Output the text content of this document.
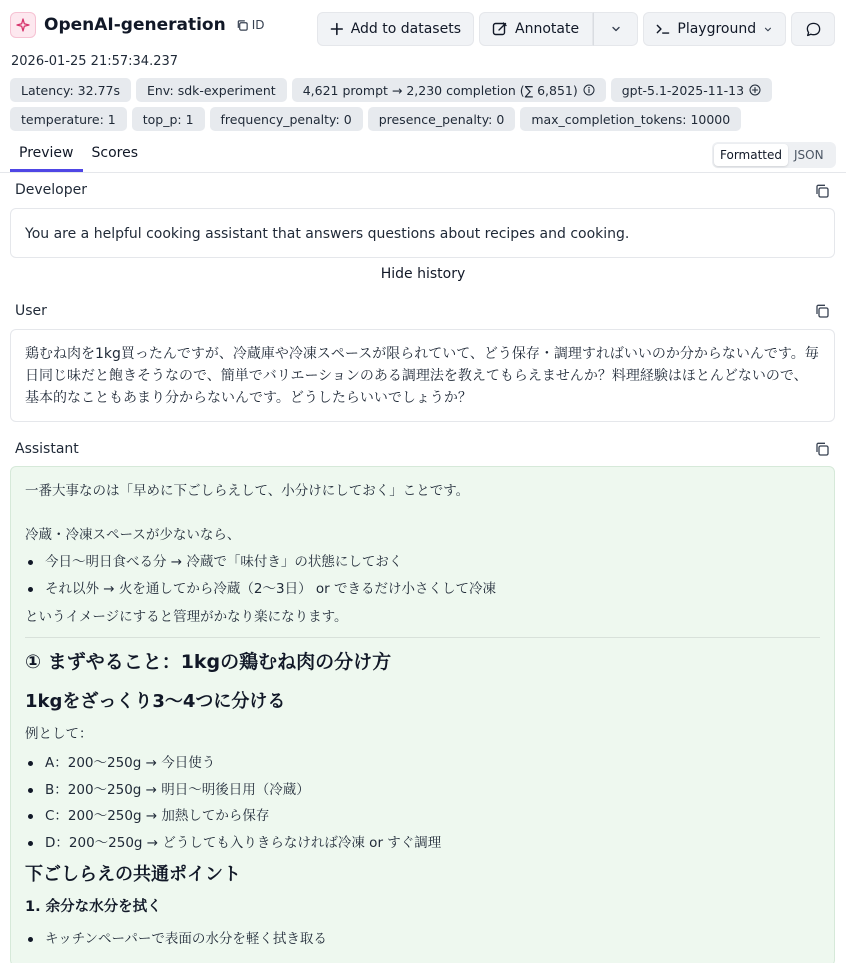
OpenAI-generation ID	Add to datasets	Annotate	Playground
2026-01-25 21:57:34.237
Latency: 32.77s	Env: sdk-experiment	4,621 prompt → 2,230 completion (∑ 6,851)	gpt-5.1-2025-11-13
temperature: 1	top_p: 1	frequency_penalty: 0	presence_penalty: 0	max_completion_tokens: 10000
Preview	Scores	Formatted	JSON
Developer
You are a helpful cooking assistant that answers questions about recipes and cooking.
Hide history
User
鶏むね肉を1kg買ったんですが、冷蔵庫や冷凍スペースが限られていて、どう保存・調理すればいいのか分からないんです。毎日同じ味だと飽きそうなので、簡単でバリエーションのある調理法を教えてもらえませんか？料理経験はほとんどないので、基本的なこともあまり分からないんです。どうしたらいいでしょうか？
Assistant

一番大事なのは「早めに下ごしらえして、小分けにしておく」ことです。

冷蔵・冷凍スペースが少ないなら、

今日〜明日食べる分 → 冷蔵で「味付き」の状態にしておく
それ以外 → 火を通してから冷蔵（2〜3日） or できるだけ小さくして冷凍

というイメージにすると管理がかなり楽になります。

① まずやること：1kgの鶏むね肉の分け方
1kgをざっくり3〜4つに分ける

例として：

A：200〜250g → 今日使う
B：200〜250g → 明日〜明後日用（冷蔵）
C：200〜250g → 加熱してから保存
D：200〜250g → どうしても入りきらなければ冷凍 or すぐ調理
下ごしらえの共通ポイント
1. 余分な水分を拭く
キッチンペーパーで表面の水分を軽く拭き取る
